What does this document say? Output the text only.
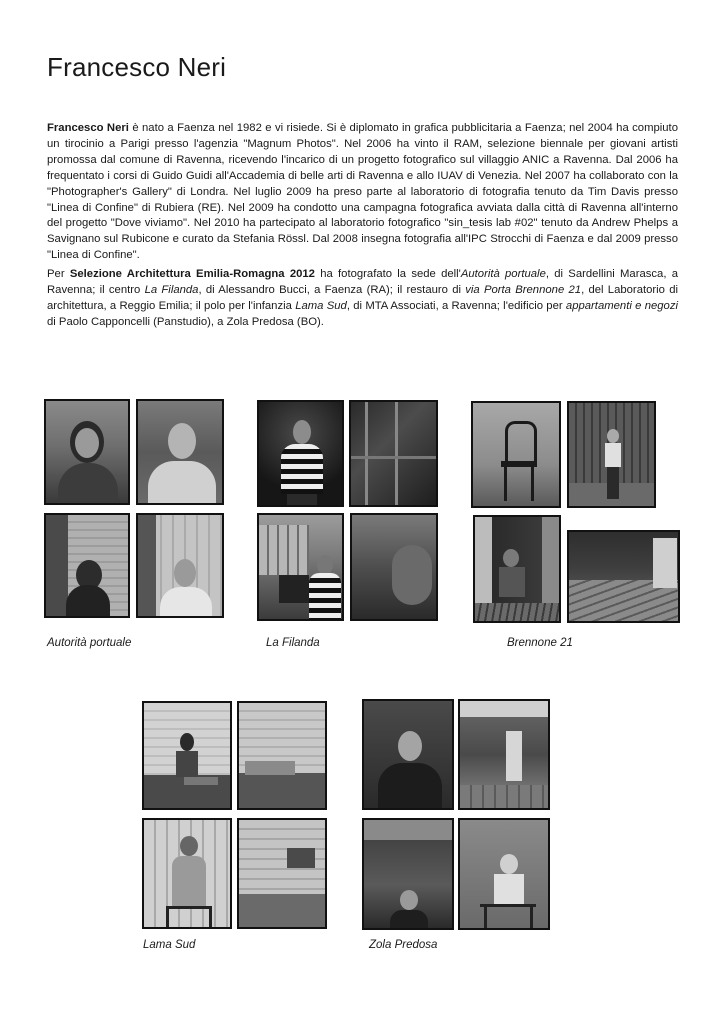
Francesco Neri

Francesco Neri è nato a Faenza nel 1982 e vi risiede. Si è diplomato in grafica pubblicitaria a Faenza; nel 2004 ha compiuto un tirocinio a Parigi presso l'agenzia "Magnum Photos". Nel 2006 ha vinto il RAM, selezione biennale per giovani artisti promossa dal comune di Ravenna, ricevendo l'incarico di un progetto fotografico sul villaggio ANIC a Ravenna. Dal 2006 ha frequentato i corsi di Guido Guidi all'Accademia di belle arti di Ravenna e allo IUAV di Venezia. Nel 2007 ha collaborato con la "Photographer's Gallery" di Londra. Nel luglio 2009 ha preso parte al laboratorio di fotografia tenuto da Tim Davis presso "Linea di Confine" di Rubiera (RE). Nel 2009 ha condotto una campagna fotografica avviata dalla città di Ravenna all'interno del progetto "Dove viviamo". Nel 2010 ha partecipato al laboratorio fotografico "sin_tesis lab #02" tenuto da Andrew Phelps a Savignano sul Rubicone e curato da Stefania Rössl. Dal 2008 insegna fotografia all'IPC Strocchi di Faenza e dal 2009 presso "Linea di Confine".

Per Selezione Architettura Emilia-Romagna 2012 ha fotografato la sede dell'Autorità portuale, di Sardellini Marasca, a Ravenna; il centro La Filanda, di Alessandro Bucci, a Faenza (RA); il restauro di via Porta Brennone 21, del Laboratorio di architettura, a Reggio Emilia; il polo per l'infanzia Lama Sud, di MTA Associati, a Ravenna; l'edificio per appartamenti e negozi di Paolo Capponcelli (Panstudio), a Zola Predosa (BO).

Autorità portuale	La Filanda	Brennone 21
Lama Sud	Zola Predosa
